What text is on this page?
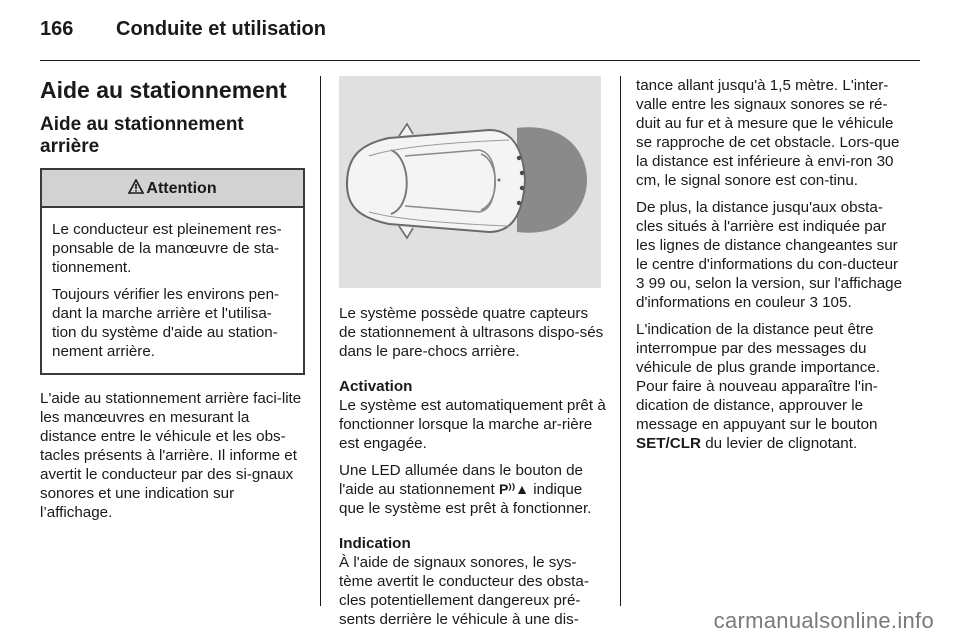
166 Conduite et utilisation
Aide au stationnement
Aide au stationnement arrière
Attention

Le conducteur est pleinement res-ponsable de la manœuvre de sta-tionnement.

Toujours vérifier les environs pen-dant la marche arrière et l'utilisa-tion du système d'aide au station-nement arrière.

L'aide au stationnement arrière faci-lite les manœuvres en mesurant la distance entre le véhicule et les obs-tacles présents à l'arrière. Il informe et avertit le conducteur par des si-gnaux sonores et une indication sur l’affichage.

Le système possède quatre capteurs de stationnement à ultrasons dispo-sés dans le pare-chocs arrière.

Activation

Le système est automatiquement prêt à fonctionner lorsque la marche ar-rière est engagée.

Une LED allumée dans le bouton de l'aide au stationnement P⁾⁾▲ indique que le système est prêt à fonctionner.

Indication

À l'aide de signaux sonores, le sys-tème avertit le conducteur des obsta-cles potentiellement dangereux pré-sents derrière le véhicule à une dis-

tance allant jusqu'à 1,5 mètre. L'inter-valle entre les signaux sonores se ré-duit au fur et à mesure que le véhicule se rapproche de cet obstacle. Lors-que la distance est inférieure à envi-ron 30 cm, le signal sonore est con-tinu.

De plus, la distance jusqu'aux obsta-cles situés à l'arrière est indiquée par les lignes de distance changeantes sur le centre d'informations du con-ducteur 3 99 ou, selon la version, sur l'affichage d'informations en couleur 3 105.

L'indication de la distance peut être interrompue par des messages du véhicule de plus grande importance. Pour faire à nouveau apparaître l'in-dication de distance, approuver le message en appuyant sur le bouton SET/CLR du levier de clignotant.

carmanualsonline.info
